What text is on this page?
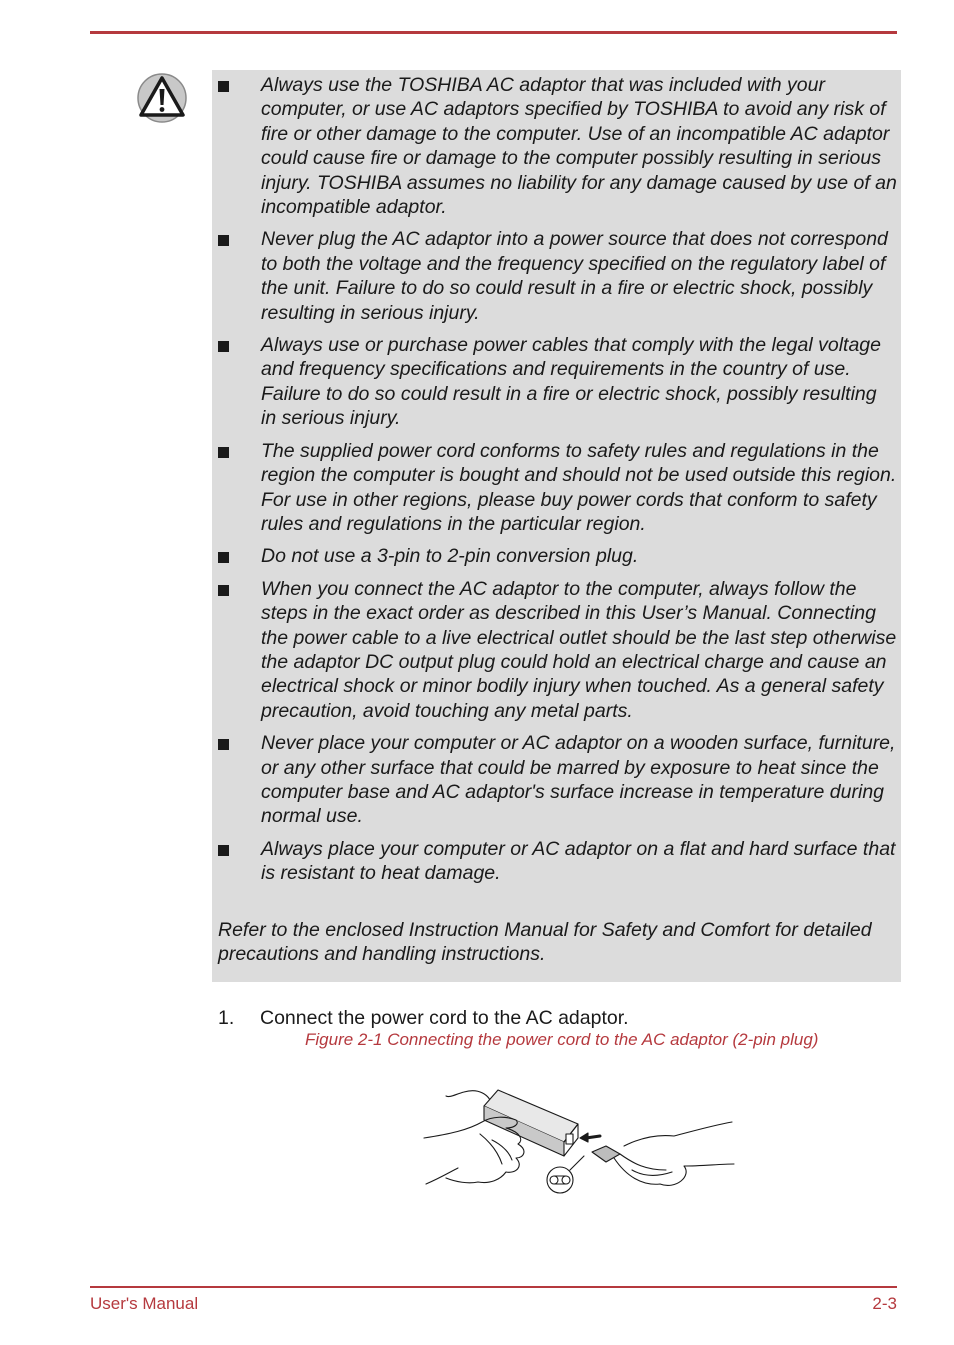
Always use the TOSHIBA AC adaptor that was included with your computer, or use AC adaptors specified by TOSHIBA to avoid any risk of fire or other damage to the computer. Use of an incompatible AC adaptor could cause fire or damage to the computer possibly resulting in serious injury. TOSHIBA assumes no liability for any damage caused by use of an incompatible adaptor.
Never plug the AC adaptor into a power source that does not correspond to both the voltage and the frequency specified on the regulatory label of the unit. Failure to do so could result in a fire or electric shock, possibly resulting in serious injury.
Always use or purchase power cables that comply with the legal voltage and frequency specifications and requirements in the country of use. Failure to do so could result in a fire or electric shock, possibly resulting in serious injury.
The supplied power cord conforms to safety rules and regulations in the region the computer is bought and should not be used outside this region. For use in other regions, please buy power cords that conform to safety rules and regulations in the particular region.
Do not use a 3-pin to 2-pin conversion plug.
When you connect the AC adaptor to the computer, always follow the steps in the exact order as described in this User’s Manual. Connecting the power cable to a live electrical outlet should be the last step otherwise the adaptor DC output plug could hold an electrical charge and cause an electrical shock or minor bodily injury when touched. As a general safety precaution, avoid touching any metal parts.
Never place your computer or AC adaptor on a wooden surface, furniture, or any other surface that could be marred by exposure to heat since the computer base and AC adaptor's surface increase in temperature during normal use.
Always place your computer or AC adaptor on a flat and hard surface that is resistant to heat damage.

Refer to the enclosed Instruction Manual for Safety and Comfort for detailed precautions and handling instructions.

1. Connect the power cord to the AC adaptor.
Figure 2-1 Connecting the power cord to the AC adaptor (2-pin plug)
User's Manual	2-3
